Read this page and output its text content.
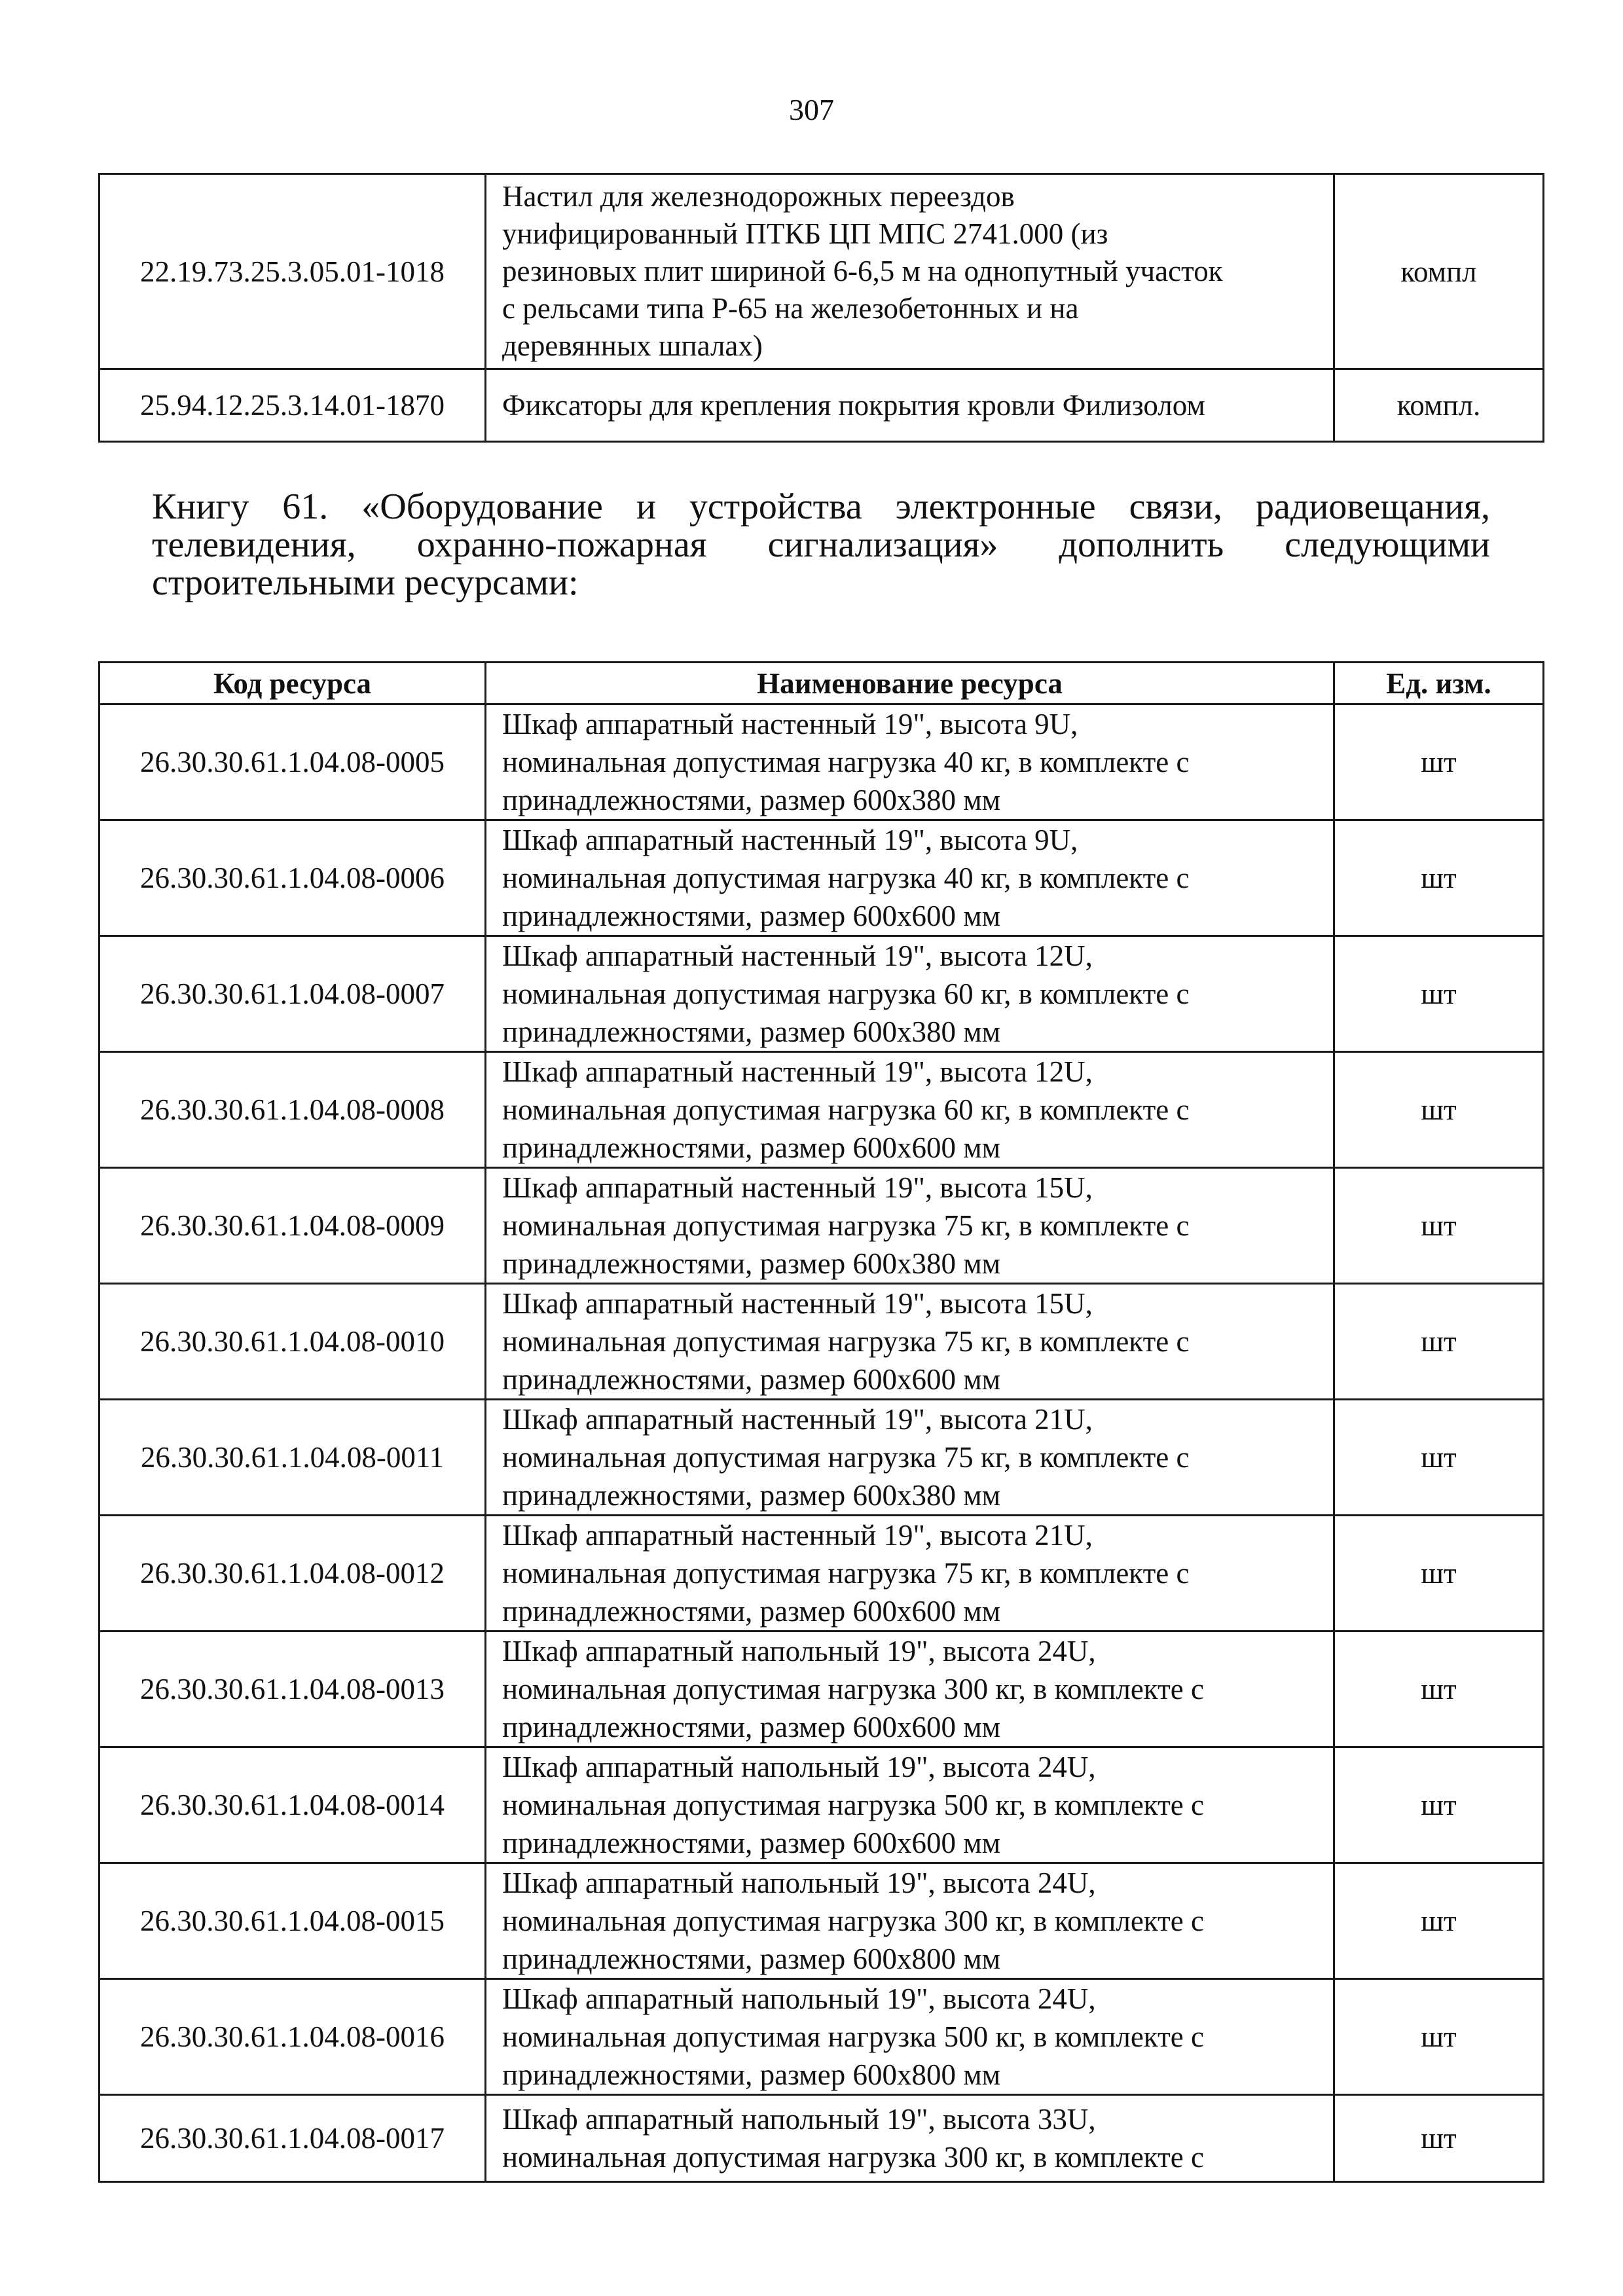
307
22.19.73.25.3.05.01-1018	Настил для железнодорожных переездов
унифицированный ПТКБ ЦП МПС 2741.000 (из
резиновых плит шириной 6-6,5 м на однопутный участок
с рельсами типа Р-65 на железобетонных и на
деревянных шпалах)	компл
25.94.12.25.3.14.01-1870	Фиксаторы для крепления покрытия кровли Филизолом	компл.
Книгу 61. «Оборудование и устройства электронные связи, радиовещания, телевидения, охранно-пожарная сигнализация» дополнить следующими строительными ресурсами:
Код ресурса	Наименование ресурса	Ед. изм.
26.30.30.61.1.04.08-0005	Шкаф аппаратный настенный 19", высота 9U,
номинальная допустимая нагрузка 40 кг, в комплекте с
принадлежностями, размер 600х380 мм	шт
26.30.30.61.1.04.08-0006	Шкаф аппаратный настенный 19", высота 9U,
номинальная допустимая нагрузка 40 кг, в комплекте с
принадлежностями, размер 600х600 мм	шт
26.30.30.61.1.04.08-0007	Шкаф аппаратный настенный 19", высота 12U,
номинальная допустимая нагрузка 60 кг, в комплекте с
принадлежностями, размер 600х380 мм	шт
26.30.30.61.1.04.08-0008	Шкаф аппаратный настенный 19", высота 12U,
номинальная допустимая нагрузка 60 кг, в комплекте с
принадлежностями, размер 600х600 мм	шт
26.30.30.61.1.04.08-0009	Шкаф аппаратный настенный 19", высота 15U,
номинальная допустимая нагрузка 75 кг, в комплекте с
принадлежностями, размер 600х380 мм	шт
26.30.30.61.1.04.08-0010	Шкаф аппаратный настенный 19", высота 15U,
номинальная допустимая нагрузка 75 кг, в комплекте с
принадлежностями, размер 600х600 мм	шт
26.30.30.61.1.04.08-0011	Шкаф аппаратный настенный 19", высота 21U,
номинальная допустимая нагрузка 75 кг, в комплекте с
принадлежностями, размер 600х380 мм	шт
26.30.30.61.1.04.08-0012	Шкаф аппаратный настенный 19", высота 21U,
номинальная допустимая нагрузка 75 кг, в комплекте с
принадлежностями, размер 600х600 мм	шт
26.30.30.61.1.04.08-0013	Шкаф аппаратный напольный 19", высота 24U,
номинальная допустимая нагрузка 300 кг, в комплекте с
принадлежностями, размер 600х600 мм	шт
26.30.30.61.1.04.08-0014	Шкаф аппаратный напольный 19", высота 24U,
номинальная допустимая нагрузка 500 кг, в комплекте с
принадлежностями, размер 600х600 мм	шт
26.30.30.61.1.04.08-0015	Шкаф аппаратный напольный 19", высота 24U,
номинальная допустимая нагрузка 300 кг, в комплекте с
принадлежностями, размер 600х800 мм	шт
26.30.30.61.1.04.08-0016	Шкаф аппаратный напольный 19", высота 24U,
номинальная допустимая нагрузка 500 кг, в комплекте с
принадлежностями, размер 600х800 мм	шт
26.30.30.61.1.04.08-0017	Шкаф аппаратный напольный 19", высота 33U,
номинальная допустимая нагрузка 300 кг, в комплекте с	шт
